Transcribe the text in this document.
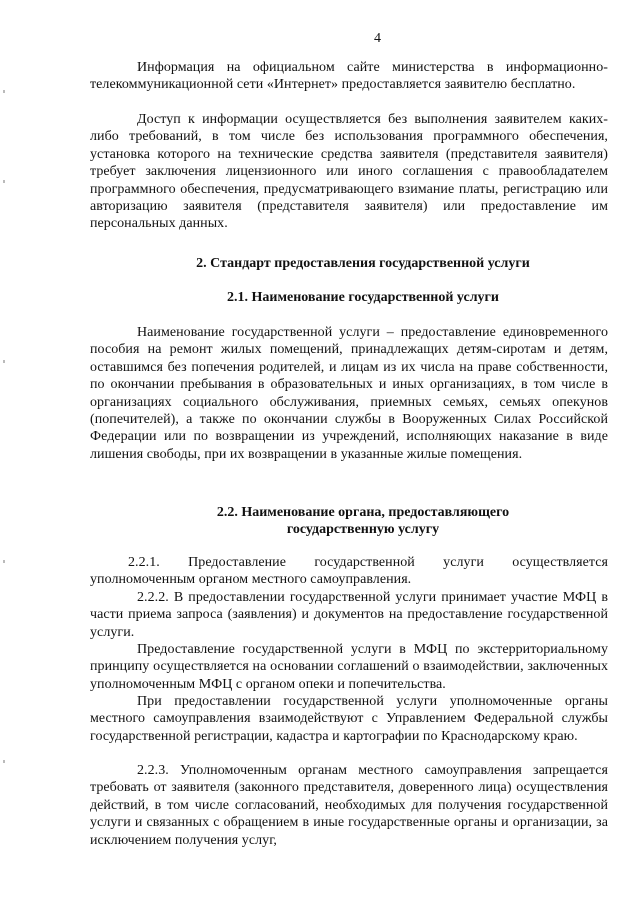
4
Информация на официальном сайте министерства в информационно-телекоммуникационной сети «Интернет» предоставляется заявителю бесплатно.
Доступ к информации осуществляется без выполнения заявителем каких-либо требований, в том числе без использования программного обеспечения, установка которого на технические средства заявителя (представителя заявителя) требует заключения лицензионного или иного соглашения с правообладателем программного обеспечения, предусматривающего взимание платы, регистрацию или авторизацию заявителя (представителя заявителя) или предоставление им персональных данных.
2. Стандарт предоставления государственной услуги
2.1. Наименование государственной услуги
Наименование государственной услуги – предоставление единовременного пособия на ремонт жилых помещений, принадлежащих детям-сиротам и детям, оставшимся без попечения родителей, и лицам из их числа на праве собственности, по окончании пребывания в образовательных и иных организациях, в том числе в организациях социального обслуживания, приемных семьях, семьях опекунов (попечителей), а также по окончании службы в Вооруженных Силах Российской Федерации или по возвращении из учреждений, исполняющих наказание в виде лишения свободы, при их возвращении в указанные жилые помещения.
2.2. Наименование органа, предоставляющего
государственную услугу
2.2.1. Предоставление государственной услуги осуществляется уполномоченным органом местного самоуправления.
2.2.2. В предоставлении государственной услуги принимает участие МФЦ в части приема запроса (заявления) и документов на предоставление государственной услуги.
Предоставление государственной услуги в МФЦ по экстерриториальному принципу осуществляется на основании соглашений о взаимодействии, заключенных уполномоченным МФЦ с органом опеки и попечительства.
При предоставлении государственной услуги уполномоченные органы местного самоуправления взаимодействуют с Управлением Федеральной службы государственной регистрации, кадастра и картографии по Краснодарскому краю.
2.2.3. Уполномоченным органам местного самоуправления запрещается требовать от заявителя (законного представителя, доверенного лица) осуществления действий, в том числе согласований, необходимых для получения государственной услуги и связанных с обращением в иные государственные органы и организации, за исключением получения услуг,
